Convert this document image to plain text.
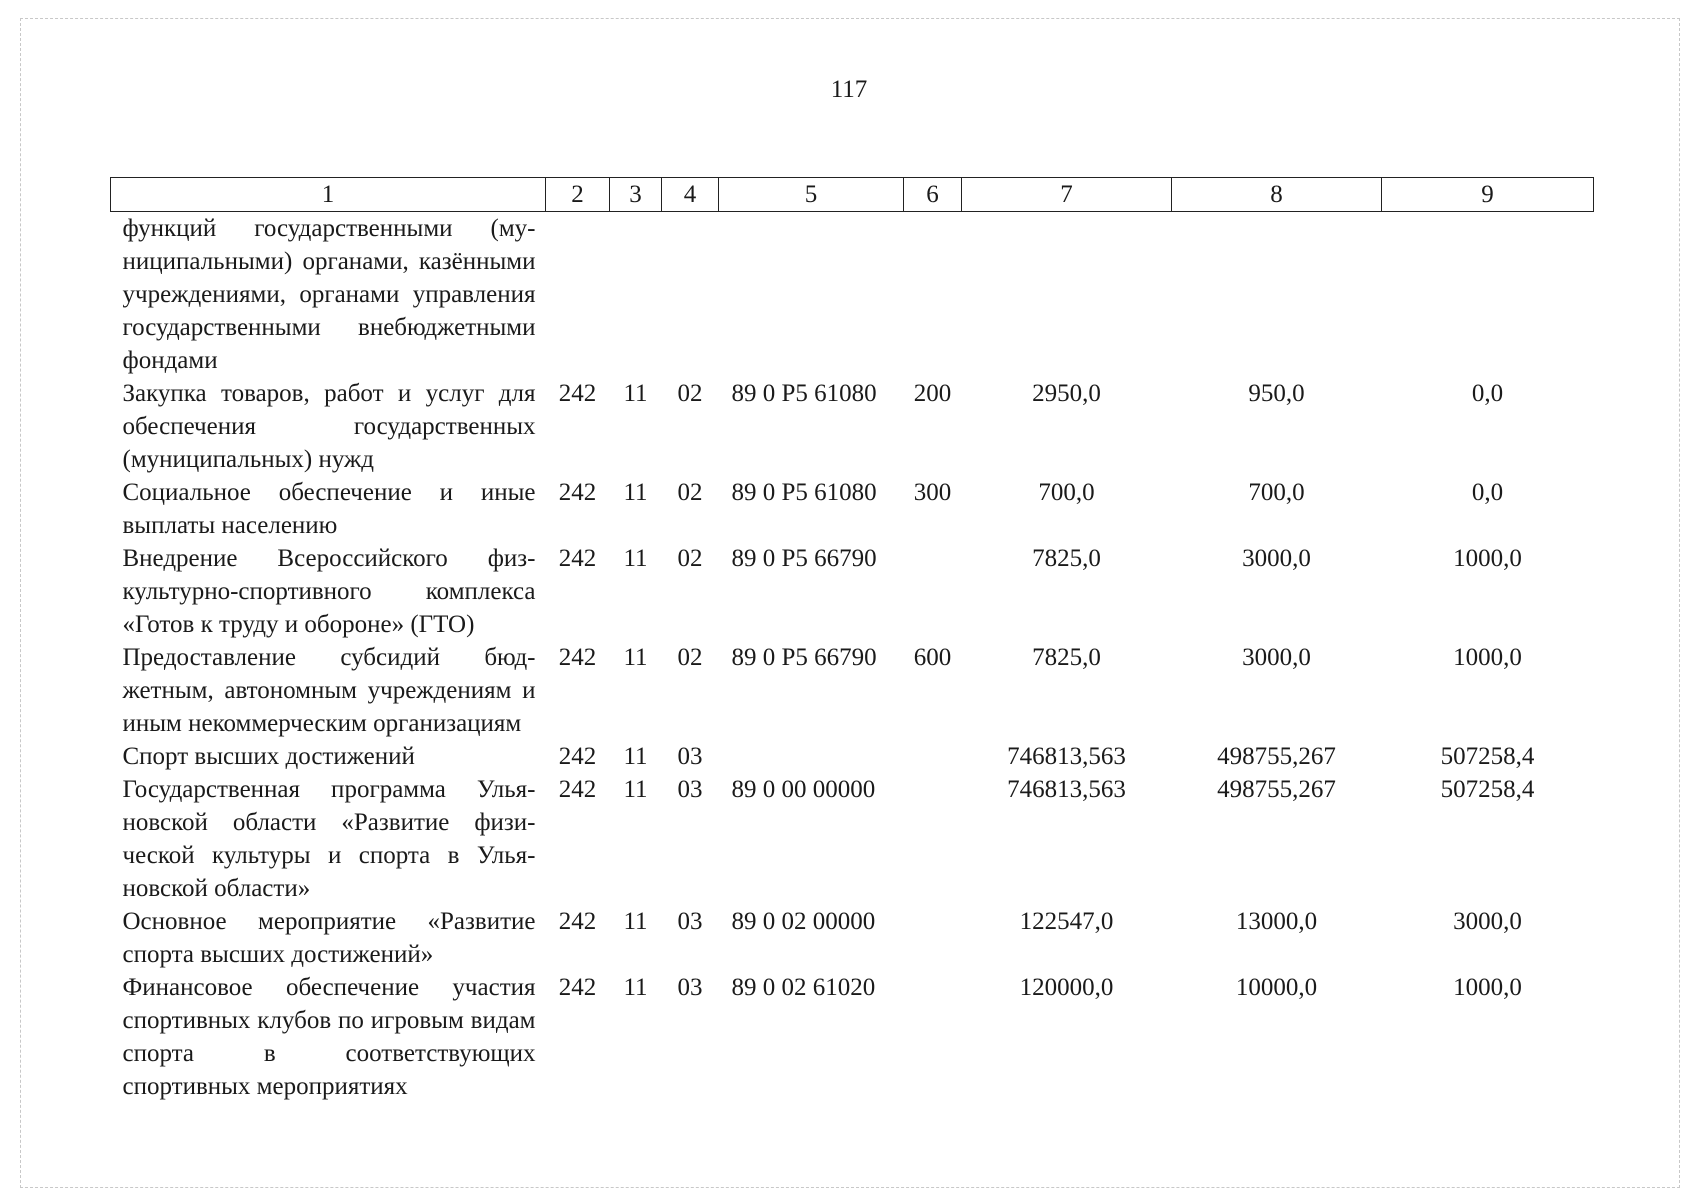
117
1	2	3	4	5	6	7	8	9
функций государственными (муниципальными) органами, казёнными учреждениями, органами управления государственными внебюджетными фондами								
Закупка товаров, работ и услуг для обеспечения государственных (муниципальных) нужд	242	11	02	89 0 P5 61080	200	2950,0	950,0	0,0
Социальное обеспечение и иные выплаты населению	242	11	02	89 0 P5 61080	300	700,0	700,0	0,0
Внедрение Всероссийского физкультурно-спортивного комплекса «Готов к труду и обороне» (ГТО)	242	11	02	89 0 P5 66790		7825,0	3000,0	1000,0
Предоставление субсидий бюджетным, автономным учреждениям и иным некоммерческим организациям	242	11	02	89 0 P5 66790	600	7825,0	3000,0	1000,0
Спорт высших достижений	242	11	03			746813,563	498755,267	507258,4
Государственная программа Ульяновской области «Развитие физической культуры и спорта в Ульяновской области»	242	11	03	89 0 00 00000		746813,563	498755,267	507258,4
Основное мероприятие «Развитие спорта высших достижений»	242	11	03	89 0 02 00000		122547,0	13000,0	3000,0
Финансовое обеспечение участия спортивных клубов по игровым видам спорта в соответствующих спортивных мероприятиях	242	11	03	89 0 02 61020		120000,0	10000,0	1000,0
